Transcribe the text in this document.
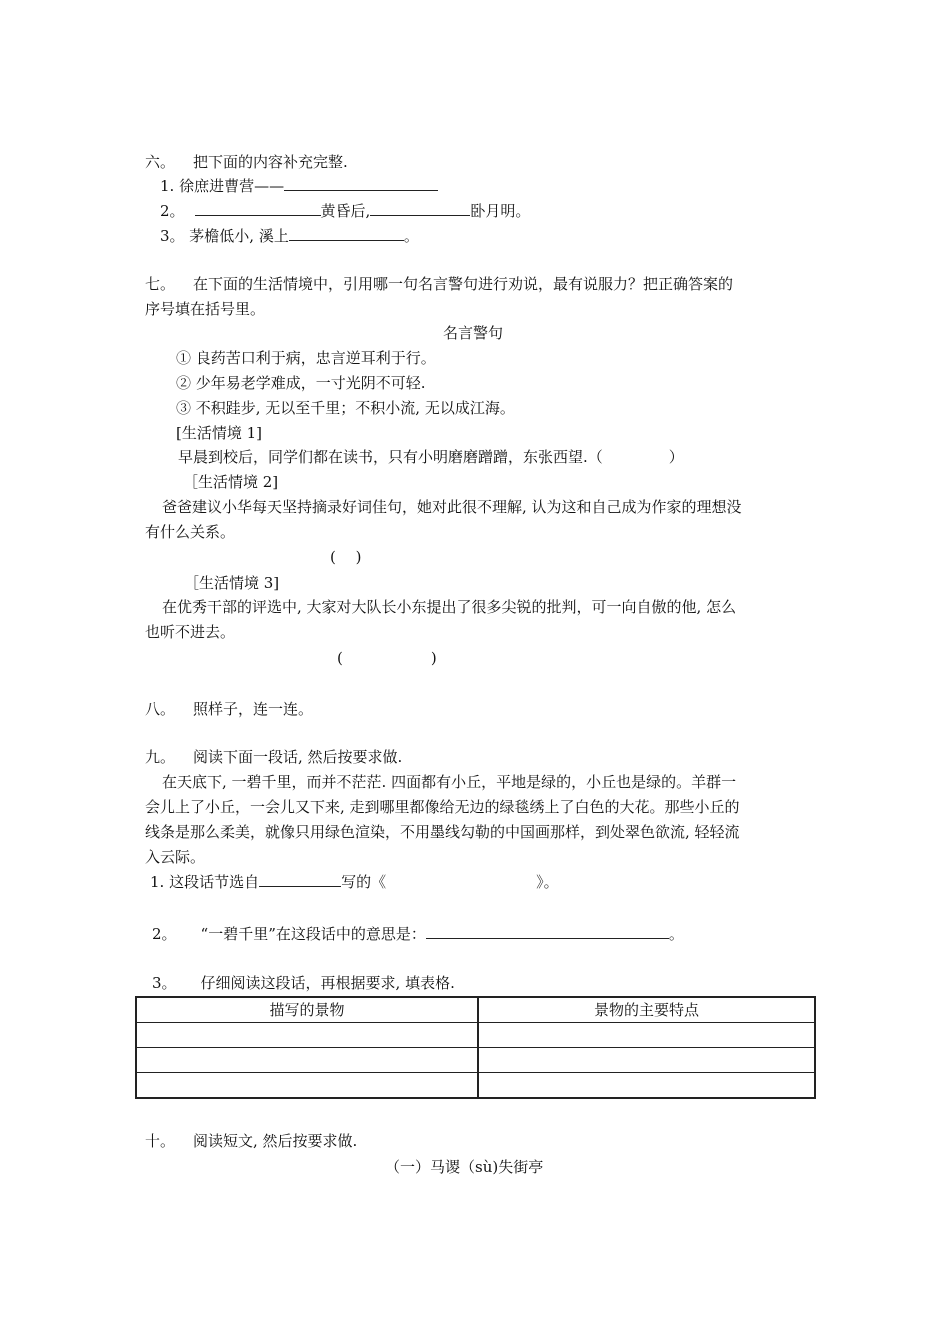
六。 把下面的内容补充完整.
1. 徐庶进曹营——
2。	黄昏后,	卧月明。
3。 茅檐低小, 溪上	。
七。 在下面的生活情境中，引用哪一句名言警句进行劝说，最有说服力？把正确答案的
序号填在括号里。
名言警句
① 良药苦口利于病，忠言逆耳利于行。
② 少年易老学难成，一寸光阴不可轻.
③ 不积跬步, 无以至千里；不积小流, 无以成江海。
[生活情境 1]
早晨到校后，同学们都在读书，只有小明磨磨蹭蹭，东张西望.（	）
［生活情境 2]
爸爸建议小华每天坚持摘录好词佳句，她对此很不理解, 认为这和自己成为作家的理想没
有什么关系。
(　 )
［生活情境 3]
在优秀干部的评选中, 大家对大队长小东提出了很多尖锐的批判，可一向自傲的他, 怎么
也听不进去。
(	)
八。 照样子，连一连。
九。 阅读下面一段话, 然后按要求做.
在天底下, 一碧千里，而并不茫茫. 四面都有小丘，平地是绿的，小丘也是绿的。羊群一
会儿上了小丘，一会儿又下来, 走到哪里都像给无边的绿毯绣上了白色的大花。那些小丘的
线条是那么柔美，就像只用绿色渲染，不用墨线勾勒的中国画那样，到处翠色欲流, 轻轻流
入云际。
1. 这段话节选自	写的《	》。
2。 “一碧千里”在这段话中的意思是：	。
3。 仔细阅读这段话，再根据要求, 填表格.
描写的景物	景物的主要特点

十。 阅读短文, 然后按要求做.
（一）马谡（sù)失街亭
